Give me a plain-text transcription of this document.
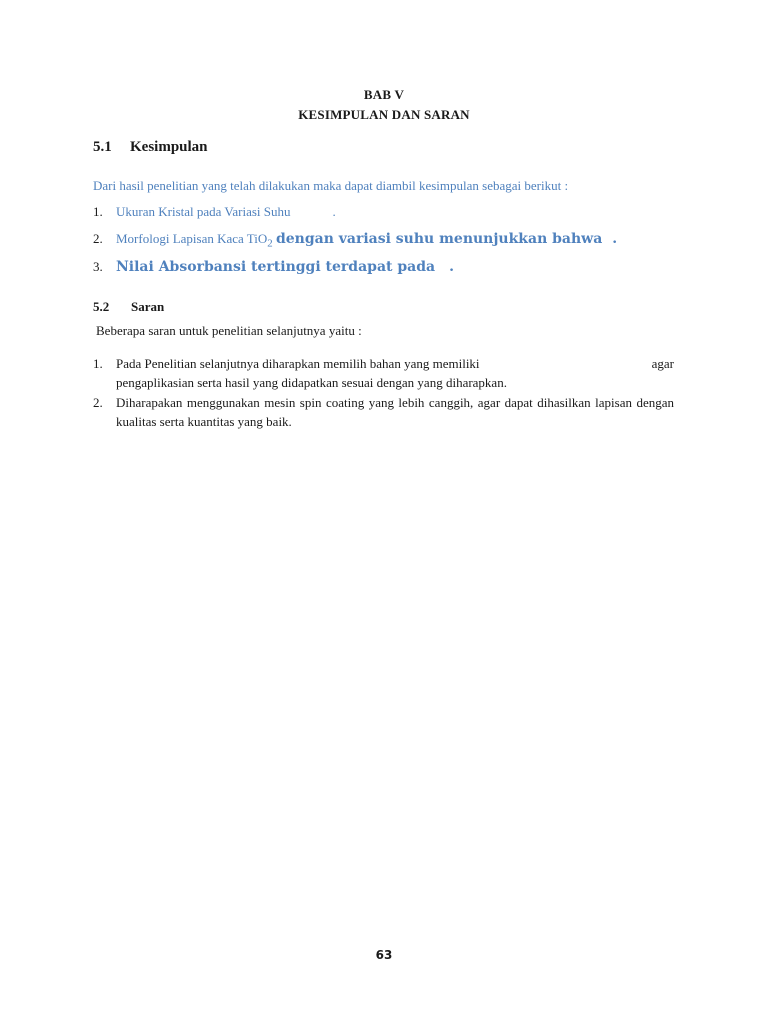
BAB V
KESIMPULAN DAN SARAN
5.1 Kesimpulan
Dari hasil penelitian yang telah dilakukan maka dapat diambil kesimpulan sebagai berikut :
1. Ukuran Kristal pada Variasi Suhu	.
2. Morfologi Lapisan Kaca TiO$_2$ dengan variasi suhu menunjukkan bahwa .
3. Nilai Absorbansi tertinggi terdapat pada .
5.2 Saran
Beberapa saran untuk penelitian selanjutnya yaitu :
1. Pada Penelitian selanjutnya diharapkan memilih bahan yang memiliki	agar
pengaplikasian serta hasil yang didapatkan sesuai dengan yang diharapkan.
2. Diharapakan menggunakan mesin spin coating yang lebih canggih, agar dapat dihasilkan lapisan dengan kualitas serta kuantitas yang baik.
63
